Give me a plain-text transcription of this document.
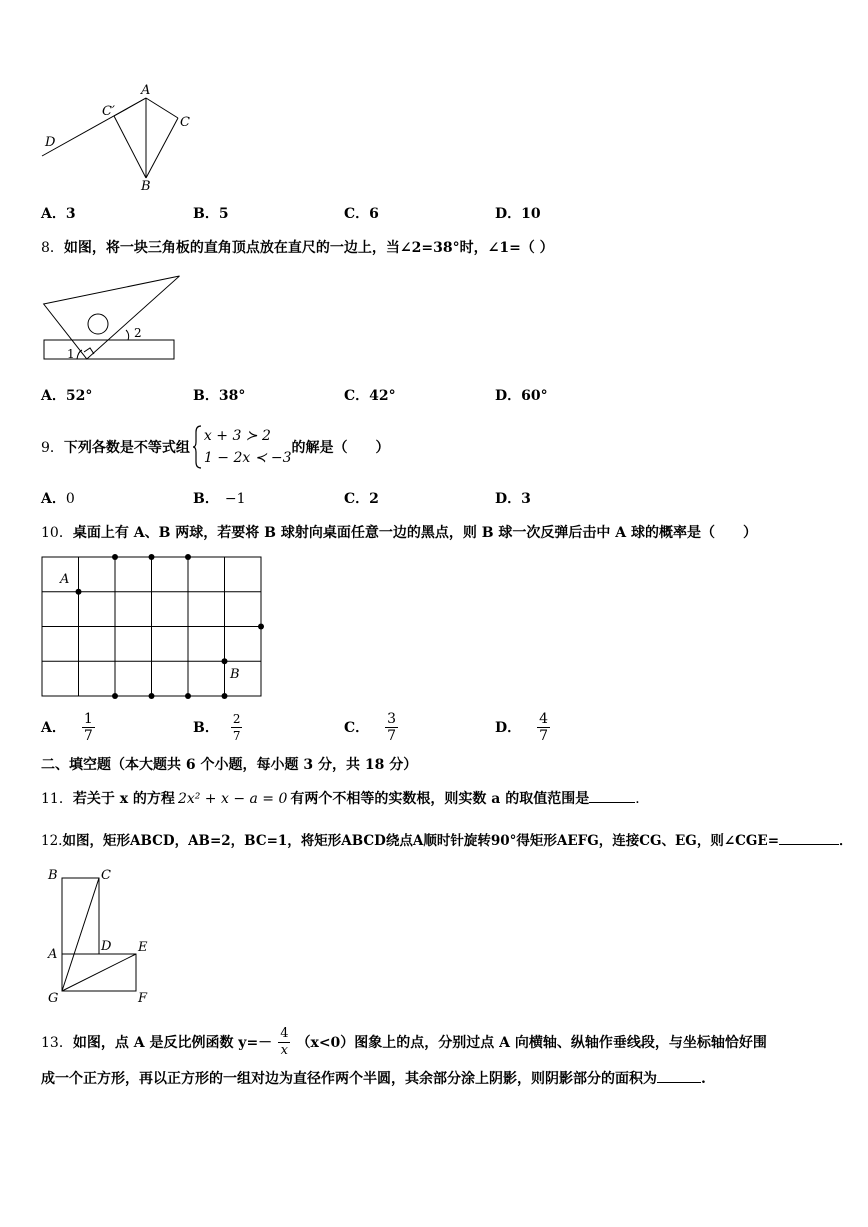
A
C′
C
D
B
A．3	B．5	C．6	D．10
8．如图，将一块三角板的直角顶点放在直尺的一边上，当∠2=38°时，∠1=（ ）
1
2
A．52°	B．38°	C．42°	D．60°
9． 下列各数是不等式组
x + 3 ≻ 2
1 − 2x ≺ −3
的解是（　　）
A．0	B． −1	C．2	D．3
10．桌面上有 A、B 两球，若要将 B 球射向桌面任意一边的黑点，则 B 球一次反弹后击中 A 球的概率是（　　）
A
B
A． $\frac{1}{7}$	B． $\frac{2}{7}$	C． $\frac{3}{7}$	D． $\frac{4}{7}$
二、填空题（本大题共 6 个小题，每小题 3 分，共 18 分）
11．若关于 x 的方程 2x² + x − a = 0 有两个不相等的实数根，则实数 a 的取值范围是	．
12.如图，矩形ABCD，AB=2，BC=1，将矩形ABCD绕点A顺时针旋转90°得矩形AEFG，连接CG、EG，则∠CGE=	．
B	C
A
D E
G	F
13． 如图，点 A 是反比例函数 $y=- \frac{4}{x} (x<0)$图象上的点，分别过点 A 向横轴、纵轴作垂线段，与坐标轴恰好围
成一个正方形，再以正方形的一组对边为直径作两个半圆，其余部分涂上阴影，则阴影部分的面积为	.
